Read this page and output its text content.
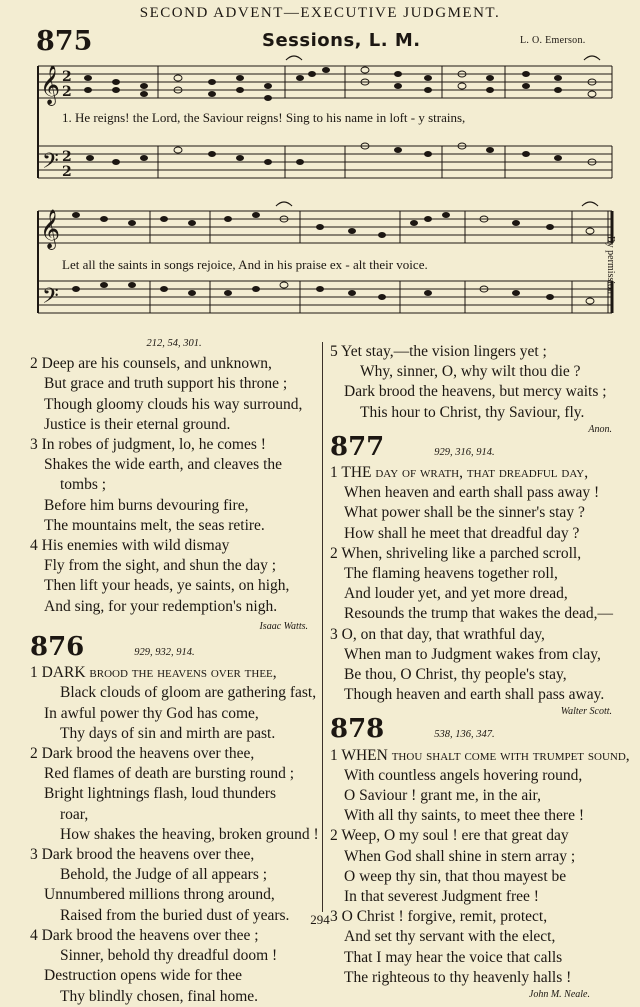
SECOND ADVENT—EXECUTIVE JUDGMENT.
875	Sessions, L. M.	L. O. Emerson.
𝄞
𝄢
𝄞
𝄢
2
2
2
2
1. He reigns! the Lord, the Saviour reigns! Sing to his name in loft - y strains,
Let all the saints in songs rejoice, And in his praise ex - alt their voice.	By permission
212, 54, 301.
2 Deep are his counsels, and unknown,
But grace and truth support his throne ;
Though gloomy clouds his way surround,
Justice is their eternal ground.
3 In robes of judgment, lo, he comes !
Shakes the wide earth, and cleaves the
tombs ;
Before him burns devouring fire,
The mountains melt, the seas retire.
4 His enemies with wild dismay
Fly from the sight, and shun the day ;
Then lift your heads, ye saints, on high,
And sing, for your redemption's nigh.
Isaac Watts.
876	929, 932, 914.
1 DARK brood the heavens over thee,
Black clouds of gloom are gathering fast,
In awful power thy God has come,
Thy days of sin and mirth are past.
2 Dark brood the heavens over thee,
Red flames of death are bursting round ;
Bright lightnings flash, loud thunders
roar,
How shakes the heaving, broken ground !
3 Dark brood the heavens over thee,
Behold, the Judge of all appears ;
Unnumbered millions throng around,
Raised from the buried dust of years.
4 Dark brood the heavens over thee ;
Sinner, behold thy dreadful doom !
Destruction opens wide for thee
Thy blindly chosen, final home.
5 Yet stay,—the vision lingers yet ;
Why, sinner, O, why wilt thou die ?
Dark brood the heavens, but mercy waits ;
This hour to Christ, thy Saviour, fly.
Anon.
877	929, 316, 914.
1 THE day of wrath, that dreadful day,
When heaven and earth shall pass away !
What power shall be the sinner's stay ?
How shall he meet that dreadful day ?
2 When, shriveling like a parched scroll,
The flaming heavens together roll,
And louder yet, and yet more dread,
Resounds the trump that wakes the dead,—
3 O, on that day, that wrathful day,
When man to Judgment wakes from clay,
Be thou, O Christ, thy people's stay,
Though heaven and earth shall pass away.
Walter Scott.
878	538, 136, 347.
1 WHEN thou shalt come with trumpet sound,
With countless angels hovering round,
O Saviour ! grant me, in the air,
With all thy saints, to meet thee there !
2 Weep, O my soul ! ere that great day
When God shall shine in stern array ;
O weep thy sin, that thou mayest be
In that severest Judgment free !
3 O Christ ! forgive, remit, protect,
And set thy servant with the elect,
That I may hear the voice that calls
The righteous to thy heavenly halls !
John M. Neale.
294
